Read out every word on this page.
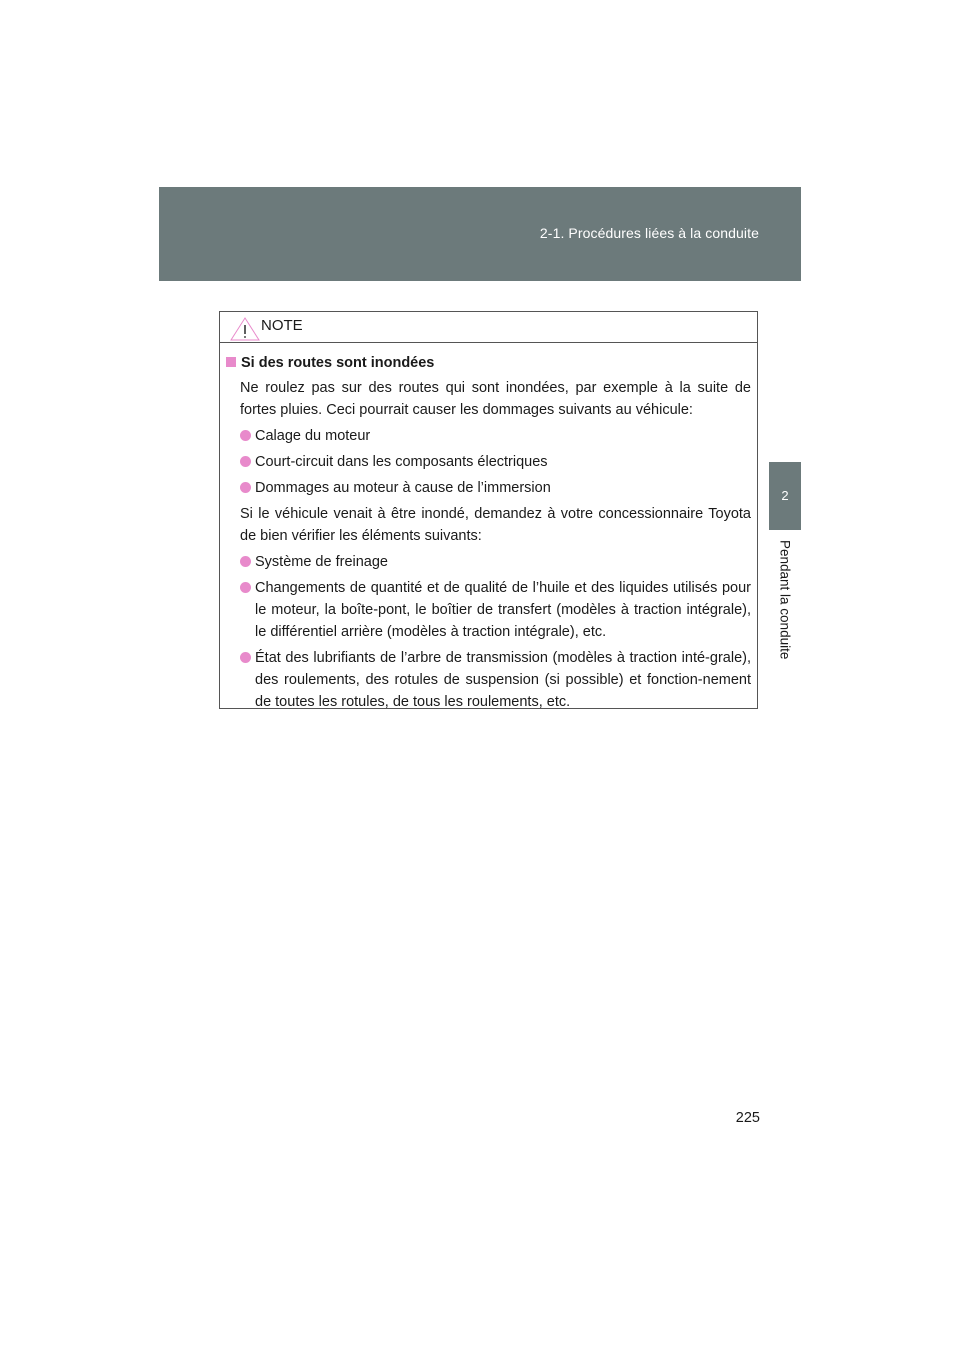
2-1. Procédures liées à la conduite
2
Pendant la conduite
NOTE
Si des routes sont inondées

Ne roulez pas sur des routes qui sont inondées, par exemple à la suite de fortes pluies. Ceci pourrait causer les dommages suivants au véhicule:

Calage du moteur
Court-circuit dans les composants électriques
Dommages au moteur à cause de l’immersion

Si le véhicule venait à être inondé, demandez à votre concessionnaire Toyota de bien vérifier les éléments suivants:

Système de freinage
Changements de quantité et de qualité de l’huile et des liquides utilisés pour le moteur, la boîte-pont, le boîtier de transfert (modèles à traction intégrale), le différentiel arrière (modèles à traction intégrale), etc.
État des lubrifiants de l’arbre de transmission (modèles à traction inté-grale), des roulements, des rotules de suspension (si possible) et fonction-nement de toutes les rotules, de tous les roulements, etc.
225
